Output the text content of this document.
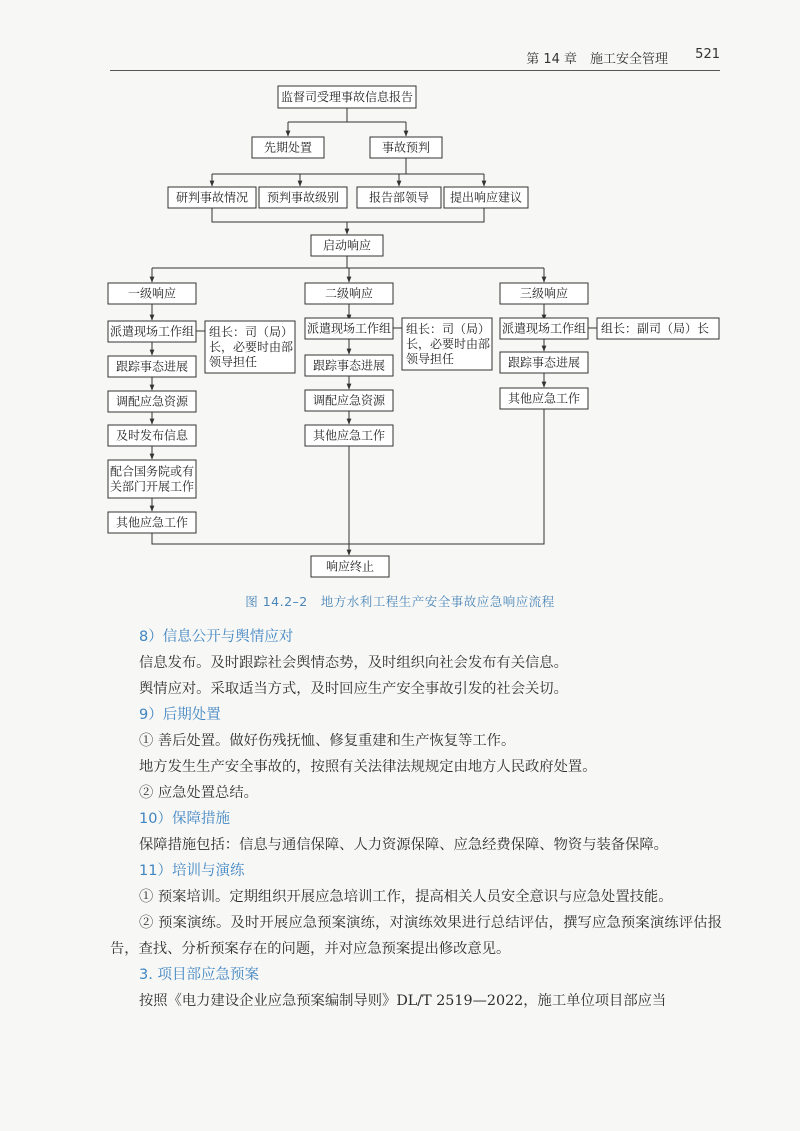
第 14 章　施工安全管理 521
监督司受理事故信息报告
先期处置	事故预判
研判事故情况 预判事故级别 报告部领导 提出响应建议
启动响应
一级响应
派遣现场工作组
跟踪事态进展
调配应急资源
及时发布信息
配合国务院或有
关部门开展工作
其他应急工作
组长：司（局）
长，必要时由部
领导担任
二级响应
派遣现场工作组
跟踪事态进展
调配应急资源
其他应急工作
组长：司（局）
长，必要时由部
领导担任
三级响应
派遣现场工作组
跟踪事态进展
其他应急工作
组长：副司（局）长
响应终止
图 14.2–2　地方水利工程生产安全事故应急响应流程
8）信息公开与舆情应对

信息发布。及时跟踪社会舆情态势，及时组织向社会发布有关信息。

舆情应对。采取适当方式，及时回应生产安全事故引发的社会关切。

9）后期处置

① 善后处置。做好伤残抚恤、修复重建和生产恢复等工作。

地方发生生产安全事故的，按照有关法律法规规定由地方人民政府处置。

② 应急处置总结。

10）保障措施

保障措施包括：信息与通信保障、人力资源保障、应急经费保障、物资与装备保障。

11）培训与演练

① 预案培训。定期组织开展应急培训工作，提高相关人员安全意识与应急处置技能。

② 预案演练。及时开展应急预案演练，对演练效果进行总结评估，撰写应急预案演练评估报告，查找、分析预案存在的问题，并对应急预案提出修改意见。

3. 项目部应急预案

按照《电力建设企业应急预案编制导则》DL/T 2519—2022，施工单位项目部应当
